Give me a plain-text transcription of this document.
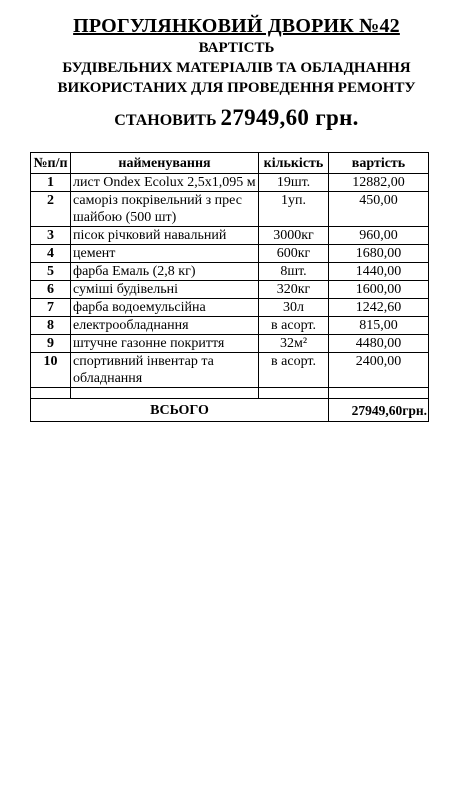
ПРОГУЛЯНКОВИЙ ДВОРИК №42
ВАРТІСТЬ
БУДІВЕЛЬНИХ МАТЕРІАЛІВ ТА ОБЛАДНАННЯ
ВИКОРИСТАНИХ ДЛЯ ПРОВЕДЕННЯ РЕМОНТУ
СТАНОВИТЬ 27949,60 грн.
№п/п	найменування	кількість	вартість
1	лист Ondex Ecolux 2,5х1,095 м	19шт.	12882,00
2	саморіз покрівельний з прес шайбою (500 шт)	1уп.	450,00
3	пісок річковий навальний	3000кг	960,00
4	цемент	600кг	1680,00
5	фарба Емаль (2,8 кг)	8шт.	1440,00
6	суміші будівельні	320кг	1600,00
7	фарба водоемульсійна	30л	1242,60
8	електрообладнання	в асорт.	815,00
9	штучне газонне покриття	32м²	4480,00
10	спортивний інвентар та обладнання	в асорт.	2400,00

ВСЬОГО			27949,60грн.
